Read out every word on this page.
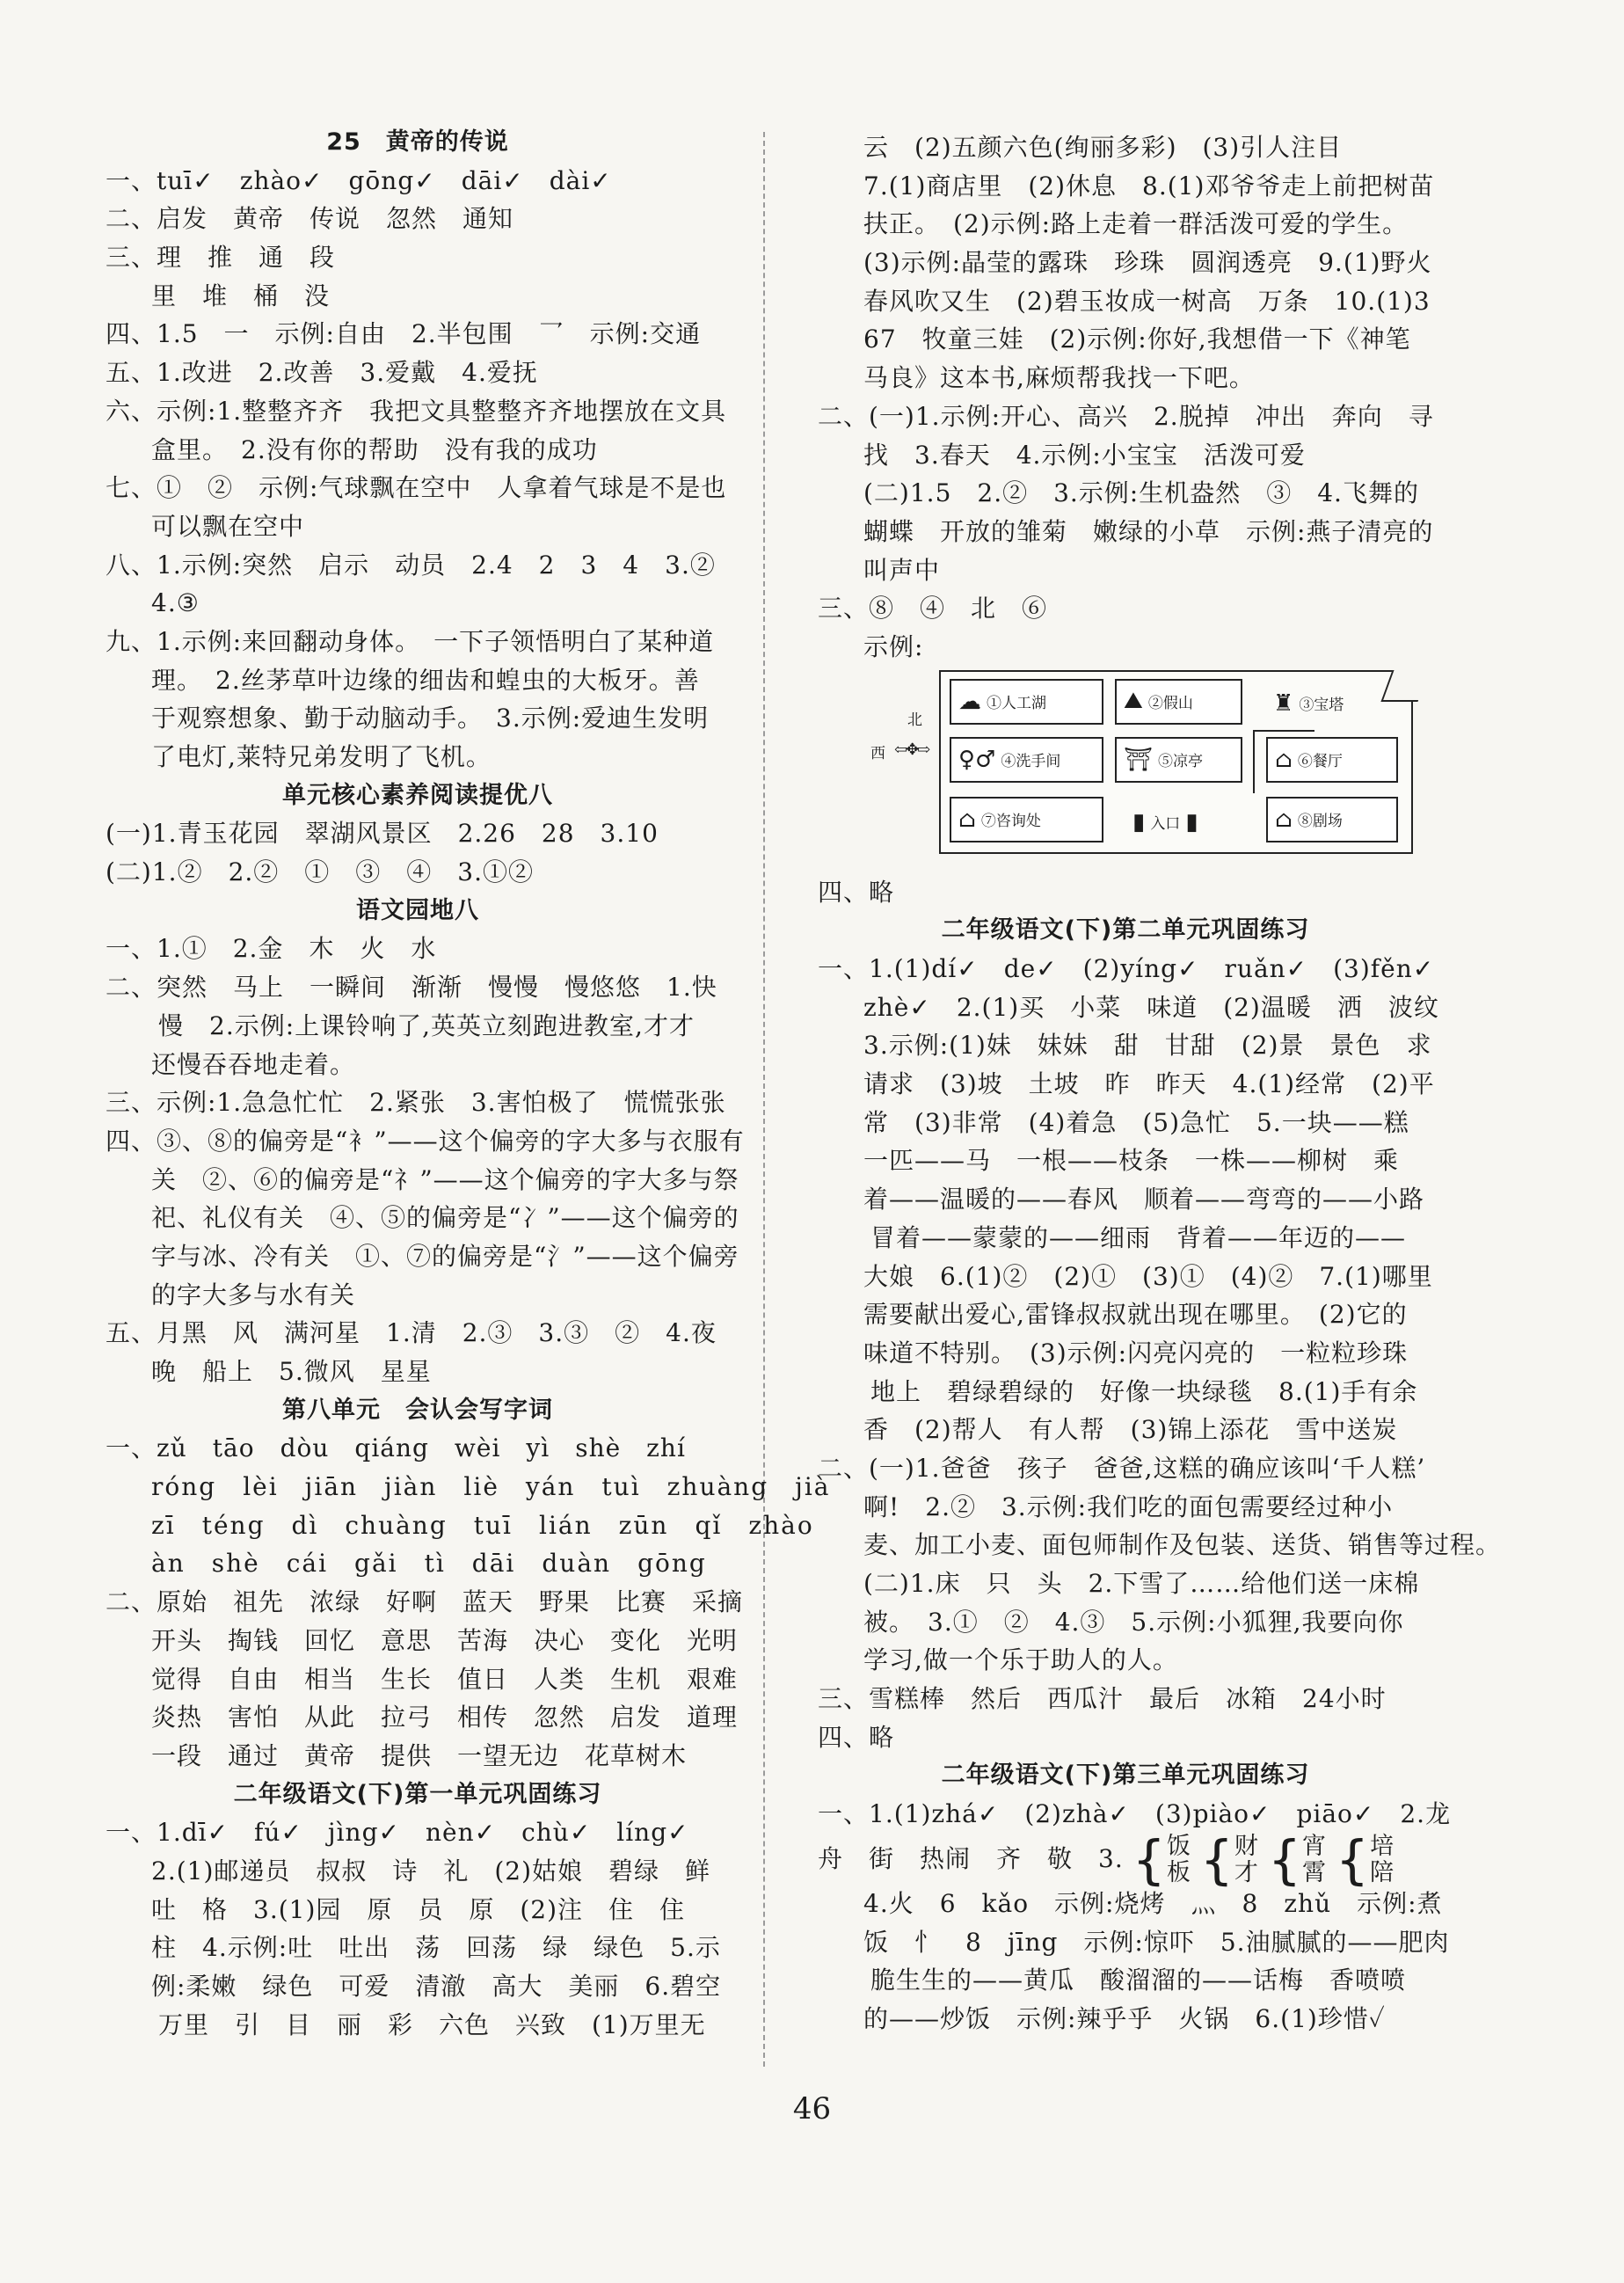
25　黄帝的传说
一、tuī✓　zhào✓　gōng✓　dāi✓　dài✓
二、启发　黄帝　传说　忽然　通知
三、理　推　通　段
里　堆　桶　没
四、1.5　一　示例:自由　2.半包围　乛　示例:交通
五、1.改进　2.改善　3.爱戴　4.爱抚
六、示例:1.整整齐齐　我把文具整整齐齐地摆放在文具
盒里。　2.没有你的帮助　没有我的成功
七、①　②　示例:气球飘在空中　人拿着气球是不是也
可以飘在空中
八、1.示例:突然　启示　动员　2.4　2　3　4　3.②
4.③
九、1.示例:来回翻动身体。　一下子领悟明白了某种道
理。　2.丝茅草叶边缘的细齿和蝗虫的大板牙。善
于观察想象、勤于动脑动手。　3.示例:爱迪生发明
了电灯,莱特兄弟发明了飞机。
单元核心素养阅读提优八
(一)1.青玉花园　翠湖风景区　2.26　28　3.10
(二)1.②　2.②　①　③　④　3.①②
语文园地八
一、1.①　2.金　木　火　水
二、突然　马上　一瞬间　渐渐　慢慢　慢悠悠　1.快
慢　2.示例:上课铃响了,英英立刻跑进教室,才才
还慢吞吞地走着。
三、示例:1.急急忙忙　2.紧张　3.害怕极了　慌慌张张
四、③、⑧的偏旁是“衤”——这个偏旁的字大多与衣服有
关　②、⑥的偏旁是“礻”——这个偏旁的字大多与祭
祀、礼仪有关　④、⑤的偏旁是“冫”——这个偏旁的
字与冰、冷有关　①、⑦的偏旁是“氵”——这个偏旁
的字大多与水有关
五、月黑　风　满河星　1.清　2.③　3.③　②　4.夜
晚　船上　5.微风　星星
第八单元　会认会写字词
一、zǔ　tāo　dòu　qiáng　wèi　yì　shè　zhí
róng　lèi　jiān　jiàn　liè　yán　tuì　zhuàng　jià
zī　téng　dì　chuàng　tuī　lián　zūn　qǐ　zhào
àn　shè　cái　gǎi　tì　dāi　duàn　gōng
二、原始　祖先　浓绿　好啊　蓝天　野果　比赛　采摘
开头　掏钱　回忆　意思　苦海　决心　变化　光明
觉得　自由　相当　生长　值日　人类　生机　艰难
炎热　害怕　从此　拉弓　相传　忽然　启发　道理
一段　通过　黄帝　提供　一望无边　花草树木
二年级语文(下)第一单元巩固练习
一、1.dī✓　fú✓　jìng✓　nèn✓　chù✓　líng✓
2.(1)邮递员　叔叔　诗　礼　(2)姑娘　碧绿　鲜
吐　格　3.(1)园　原　员　原　(2)注　住　住
柱　4.示例:吐　吐出　荡　回荡　绿　绿色　5.示
例:柔嫩　绿色　可爱　清澈　高大　美丽　6.碧空
万里　引　目　丽　彩　六色　兴致　(1)万里无
云　(2)五颜六色(绚丽多彩)　(3)引人注目
7.(1)商店里　(2)休息　8.(1)邓爷爷走上前把树苗
扶正。　(2)示例:路上走着一群活泼可爱的学生。
(3)示例:晶莹的露珠　珍珠　圆润透亮　9.(1)野火
春风吹又生　(2)碧玉妆成一树高　万条　10.(1)3
67　牧童三娃　(2)示例:你好,我想借一下《神笔
马良》这本书,麻烦帮我找一下吧。
二、(一)1.示例:开心、高兴　2.脱掉　冲出　奔向　寻
找　3.春天　4.示例:小宝宝　活泼可爱
(二)1.5　2.②　3.示例:生机盎然　③　4.飞舞的
蝴蝶　开放的雏菊　嫩绿的小草　示例:燕子清亮的
叫声中
三、⑧　④　北　⑥
示例:
北
西 ⇦✥⇨
☁ ①人工湖	⛰ ②假山	♜ ③宝塔
♀♂ ④洗手间	⛩ ⑤凉亭	⌂ ⑥餐厅
⌂ ⑦咨询处	▮ 入口 ▮	⌂ ⑧剧场
四、略
二年级语文(下)第二单元巩固练习
一、1.(1)dí✓　de✓　(2)yíng✓　ruǎn✓　(3)fěn✓
zhè✓　2.(1)买　小菜　味道　(2)温暖　洒　波纹
3.示例:(1)妹　妹妹　甜　甘甜　(2)景　景色　求
请求　(3)坡　土坡　昨　昨天　4.(1)经常　(2)平
常　(3)非常　(4)着急　(5)急忙　5.一块——糕
一匹——马　一根——枝条　一株——柳树　乘
着——温暖的——春风　顺着——弯弯的——小路
冒着——蒙蒙的——细雨　背着——年迈的——
大娘　6.(1)②　(2)①　(3)①　(4)②　7.(1)哪里
需要献出爱心,雷锋叔叔就出现在哪里。　(2)它的
味道不特别。　(3)示例:闪亮闪亮的　一粒粒珍珠
地上　碧绿碧绿的　好像一块绿毯　8.(1)手有余
香　(2)帮人　有人帮　(3)锦上添花　雪中送炭
二、(一)1.爸爸　孩子　爸爸,这糕的确应该叫‘千人糕’
啊!　2.②　3.示例:我们吃的面包需要经过种小
麦、加工小麦、面包师制作及包装、送货、销售等过程。
(二)1.床　只　头　2.下雪了……给他们送一床棉
被。　3.①　②　4.③　5.示例:小狐狸,我要向你
学习,做一个乐于助人的人。
三、雪糕棒　然后　西瓜汁　最后　冰箱　24小时
四、略
二年级语文(下)第三单元巩固练习
一、1.(1)zhá✓　(2)zhà✓　(3)piào✓　piāo✓　2.龙
舟　街　热闹　齐　敬　3. { 饭
板 { 财
才 { 宵
霄 { 培
陪
4.火　6　kǎo　示例:烧烤　灬　8　zhǔ　示例:煮
饭　忄　8　jīng　示例:惊吓　5.油腻腻的——肥肉
脆生生的——黄瓜　酸溜溜的——话梅　香喷喷
的——炒饭　示例:辣乎乎　火锅　6.(1)珍惜✓
46
